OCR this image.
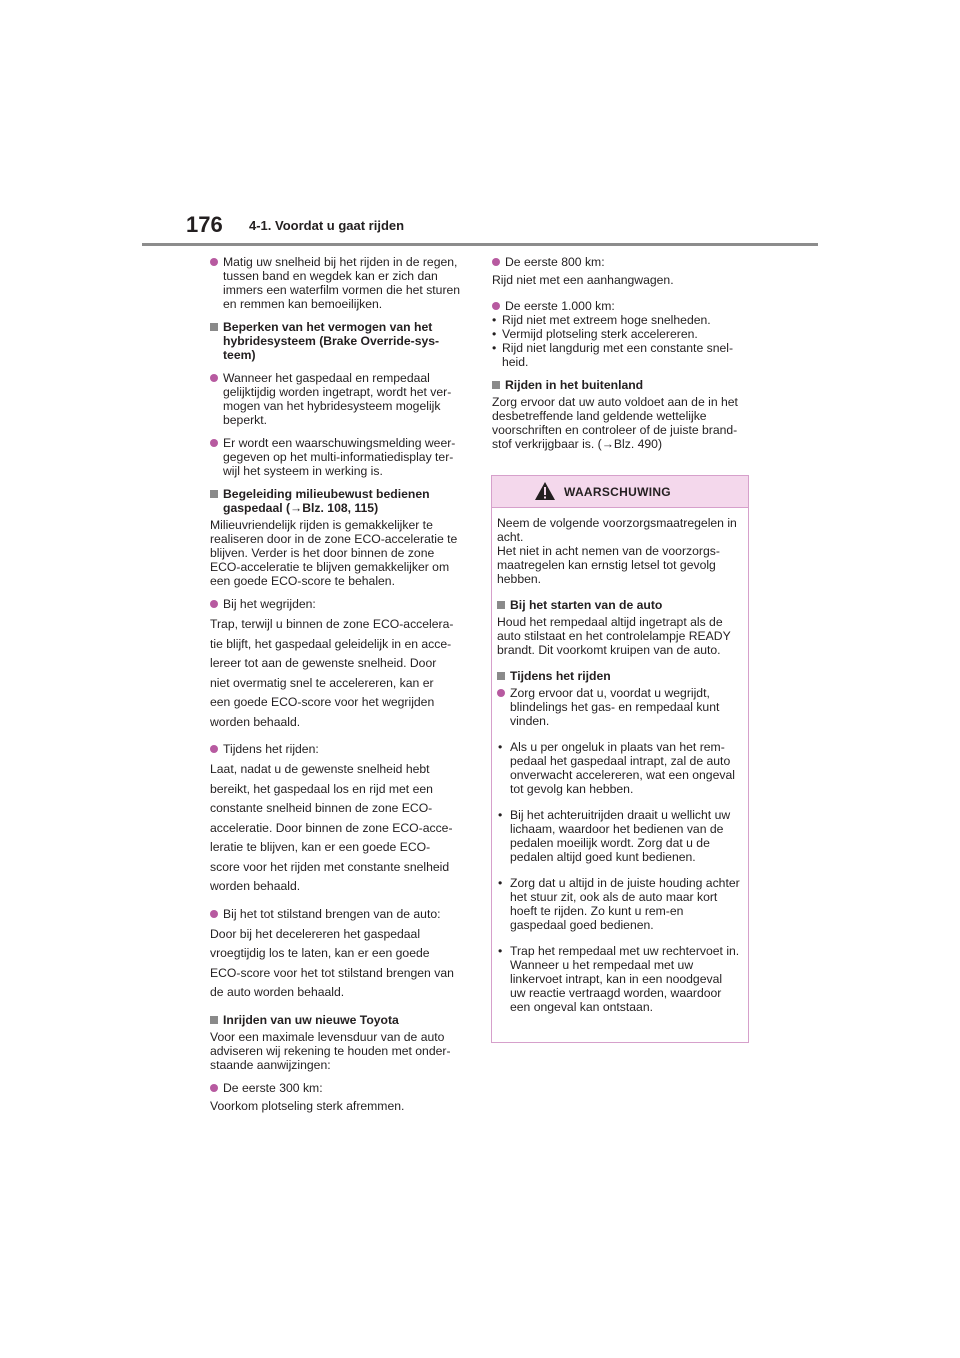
176 4-1. Voordat u gaat rijden
Matig uw snelheid bij het rijden in de regen, tussen band en wegdek kan er zich dan immers een waterfilm vormen die het sturen en remmen kan bemoeilijken.
Beperken van het vermogen van het hybridesysteem (Brake Override-sys-teem)
Wanneer het gaspedaal en rempedaal gelijktijdig worden ingetrapt, wordt het ver-mogen van het hybridesysteem mogelijk beperkt.
Er wordt een waarschuwingsmelding weer-gegeven op het multi-informatiedisplay ter-wijl het systeem in werking is.
Begeleiding milieubewust bedienen gaspedaal (→Blz. 108, 115)
Milieuvriendelijk rijden is gemakkelijker te realiseren door in de zone ECO-acceleratie te blijven. Verder is het door binnen de zone ECO-acceleratie te blijven gemakkelijker om een goede ECO-score te behalen.
Bij het wegrijden:

Trap, terwijl u binnen de zone ECO-accelera-

tie blijft, het gaspedaal geleidelijk in en acce-

lereer tot aan de gewenste snelheid. Door

niet overmatig snel te accelereren, kan er

een goede ECO-score voor het wegrijden

worden behaald.

Tijdens het rijden:

Laat, nadat u de gewenste snelheid hebt

bereikt, het gaspedaal los en rijd met een

constante snelheid binnen de zone ECO-

acceleratie. Door binnen de zone ECO-acce-

leratie te blijven, kan er een goede ECO-

score voor het rijden met constante snelheid

worden behaald.

Bij het tot stilstand brengen van de auto:

Door bij het decelereren het gaspedaal

vroegtijdig los te laten, kan er een goede

ECO-score voor het tot stilstand brengen van

de auto worden behaald.

Inrijden van uw nieuwe Toyota
Voor een maximale levensduur van de auto adviseren wij rekening te houden met onder-staande aanwijzingen:
De eerste 300 km:
Voorkom plotseling sterk afremmen.
De eerste 800 km:
Rijd niet met een aanhangwagen.
De eerste 1.000 km:
• Rijd niet met extreem hoge snelheden.
• Vermijd plotseling sterk accelereren.
• Rijd niet langdurig met een constante snel-heid.
Rijden in het buitenland
Zorg ervoor dat uw auto voldoet aan de in het desbetreffende land geldende wettelijke voorschriften en controleer of de juiste brand-stof verkrijgbaar is. (→Blz. 490)
WAARSCHUWING
Neem de volgende voorzorgsmaatregelen in acht.
Het niet in acht nemen van de voorzorgs-maatregelen kan ernstig letsel tot gevolg hebben.
Bij het starten van de auto
Houd het rempedaal altijd ingetrapt als de auto stilstaat en het controlelampje READY brandt. Dit voorkomt kruipen van de auto.
Tijdens het rijden
Zorg ervoor dat u, voordat u wegrijdt, blindelings het gas- en rempedaal kunt vinden.
• Als u per ongeluk in plaats van het rem-pedaal het gaspedaal intrapt, zal de auto onverwacht accelereren, wat een ongeval tot gevolg kan hebben.
• Bij het achteruitrijden draait u wellicht uw lichaam, waardoor het bedienen van de pedalen moeilijk wordt. Zorg dat u de pedalen altijd goed kunt bedienen.
• Zorg dat u altijd in de juiste houding achter het stuur zit, ook als de auto maar kort hoeft te rijden. Zo kunt u rem-en gaspedaal goed bedienen.
• Trap het rempedaal met uw rechtervoet in. Wanneer u het rempedaal met uw linkervoet intrapt, kan in een noodgeval uw reactie vertraagd worden, waardoor een ongeval kan ontstaan.
